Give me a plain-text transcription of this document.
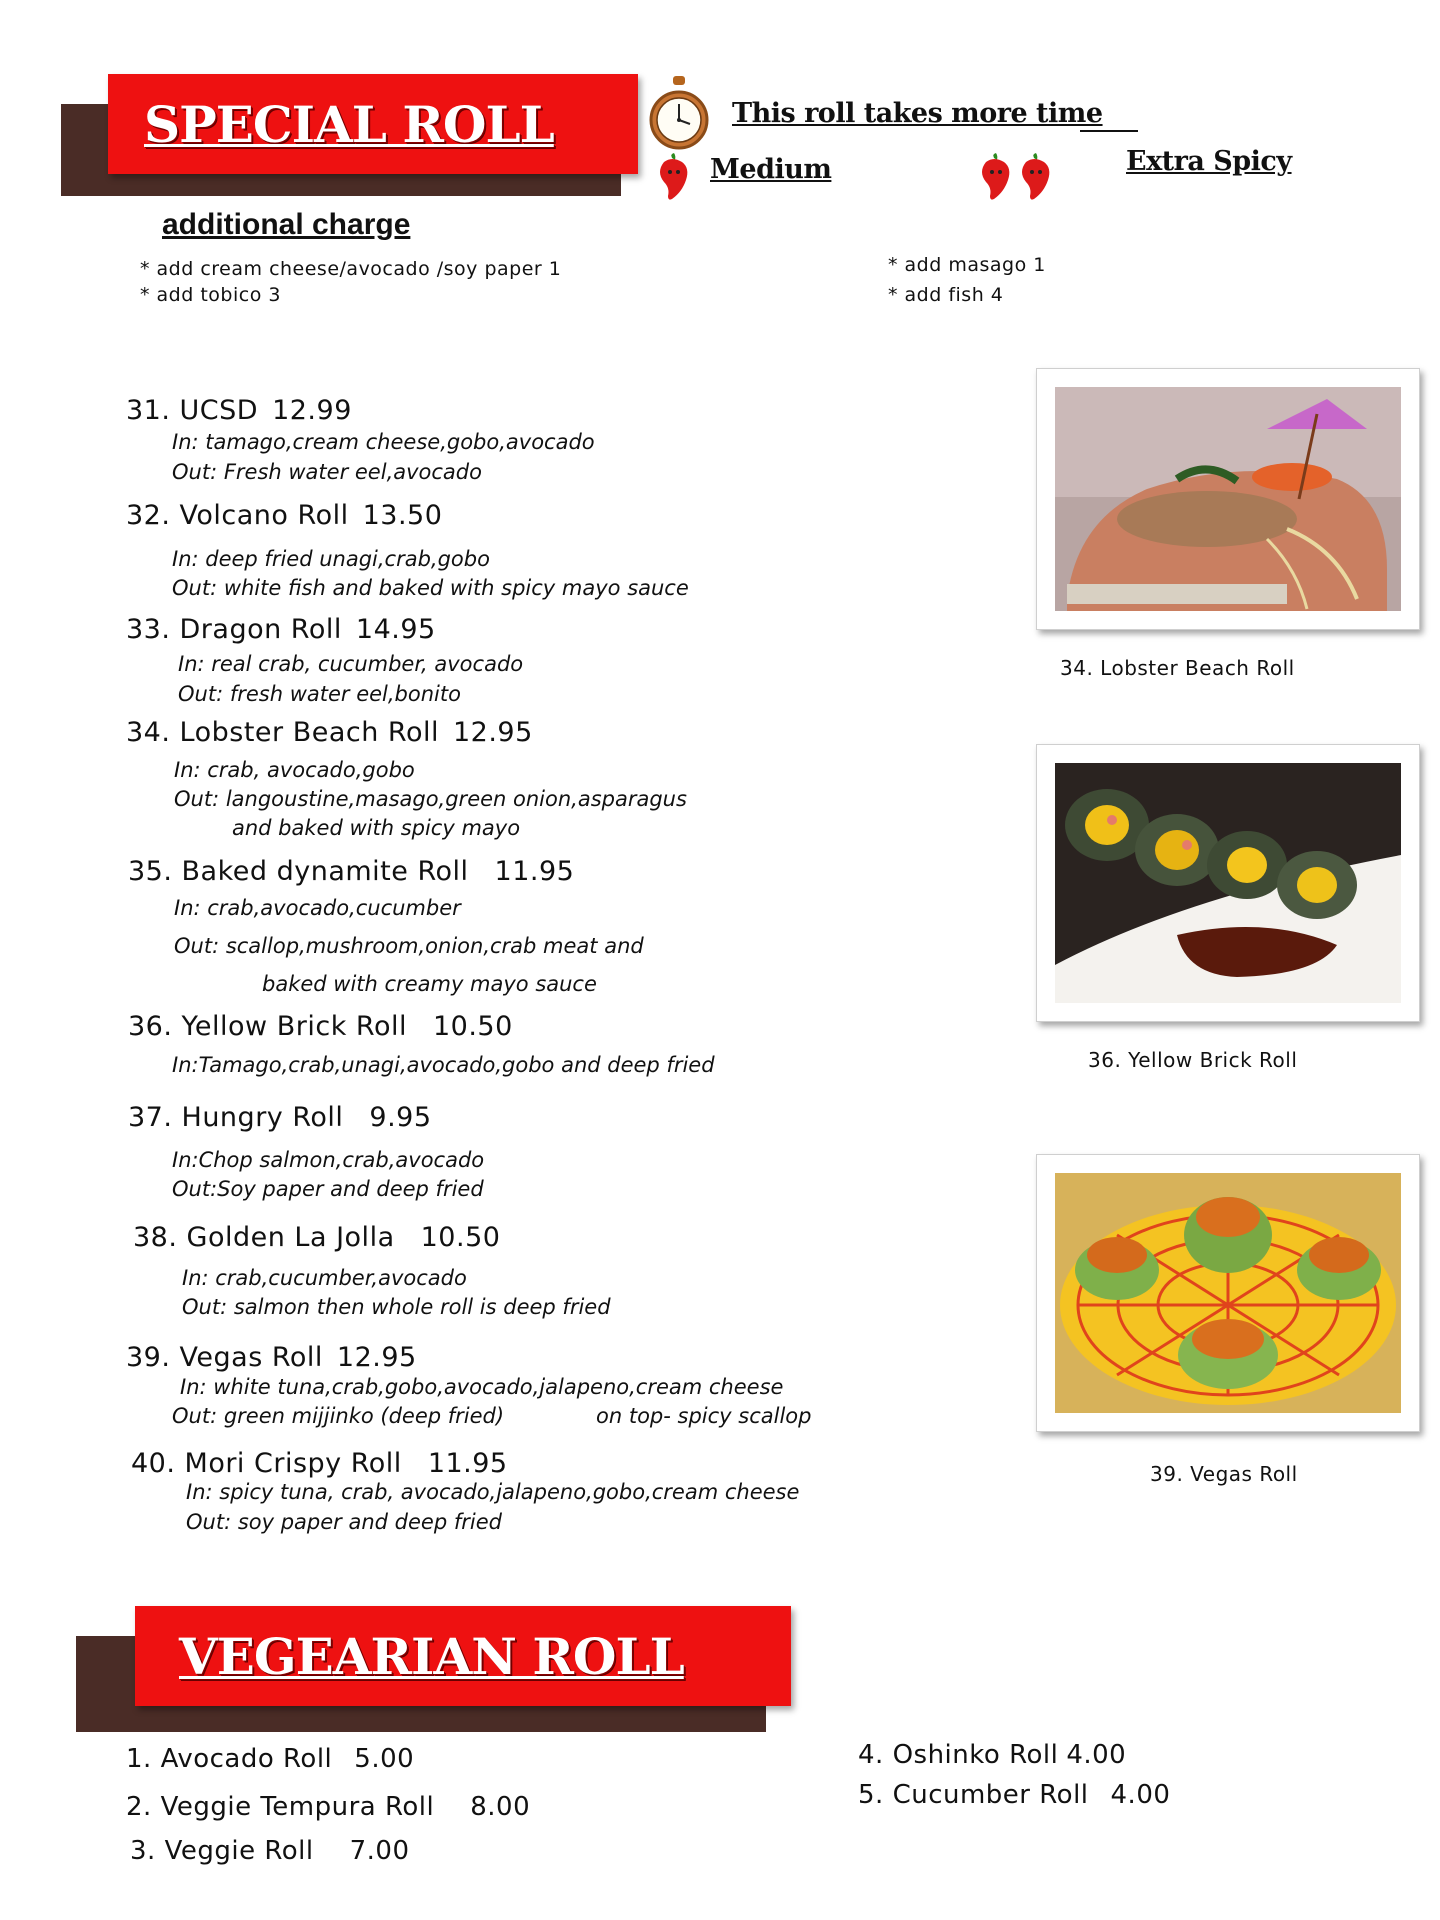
SPECIAL ROLL	This roll takes more time
Medium	Extra Spicy
additional charge
* add cream cheese/avocado /soy paper 1
* add tobico 3
* add masago 1
* add fish 4
31. UCSD 12.99
In: tamago,cream cheese,gobo,avocado
Out: Fresh water eel,avocado
32. Volcano Roll 13.50
In: deep fried unagi,crab,gobo
Out: white fish and baked with spicy mayo sauce
33. Dragon Roll 14.95
In: real crab, cucumber, avocado
Out: fresh water eel,bonito
34. Lobster Beach Roll 12.95
In: crab, avocado,gobo
Out: langoustine,masago,green onion,asparagus
and baked with spicy mayo
35. Baked dynamite Roll 11.95
In: crab,avocado,cucumber
Out: scallop,mushroom,onion,crab meat and
baked with creamy mayo sauce
36. Yellow Brick Roll 10.50
In:Tamago,crab,unagi,avocado,gobo and deep fried
37. Hungry Roll 9.95
In:Chop salmon,crab,avocado
Out:Soy paper and deep fried
38. Golden La Jolla 10.50
In: crab,cucumber,avocado
Out: salmon then whole roll is deep fried
39. Vegas Roll 12.95
In: white tuna,crab,gobo,avocado,jalapeno,cream cheese
Out: green mijjinko (deep fried)	on top- spicy scallop
40. Mori Crispy Roll 11.95
In: spicy tuna, crab, avocado,jalapeno,gobo,cream cheese
Out: soy paper and deep fried
34. Lobster Beach Roll
36. Yellow Brick Roll
39. Vegas Roll
VEGEARIAN ROLL
1. Avocado Roll 5.00
2. Veggie Tempura Roll 8.00
3. Veggie Roll 7.00
4. Oshinko Roll 4.00
5. Cucumber Roll 4.00
